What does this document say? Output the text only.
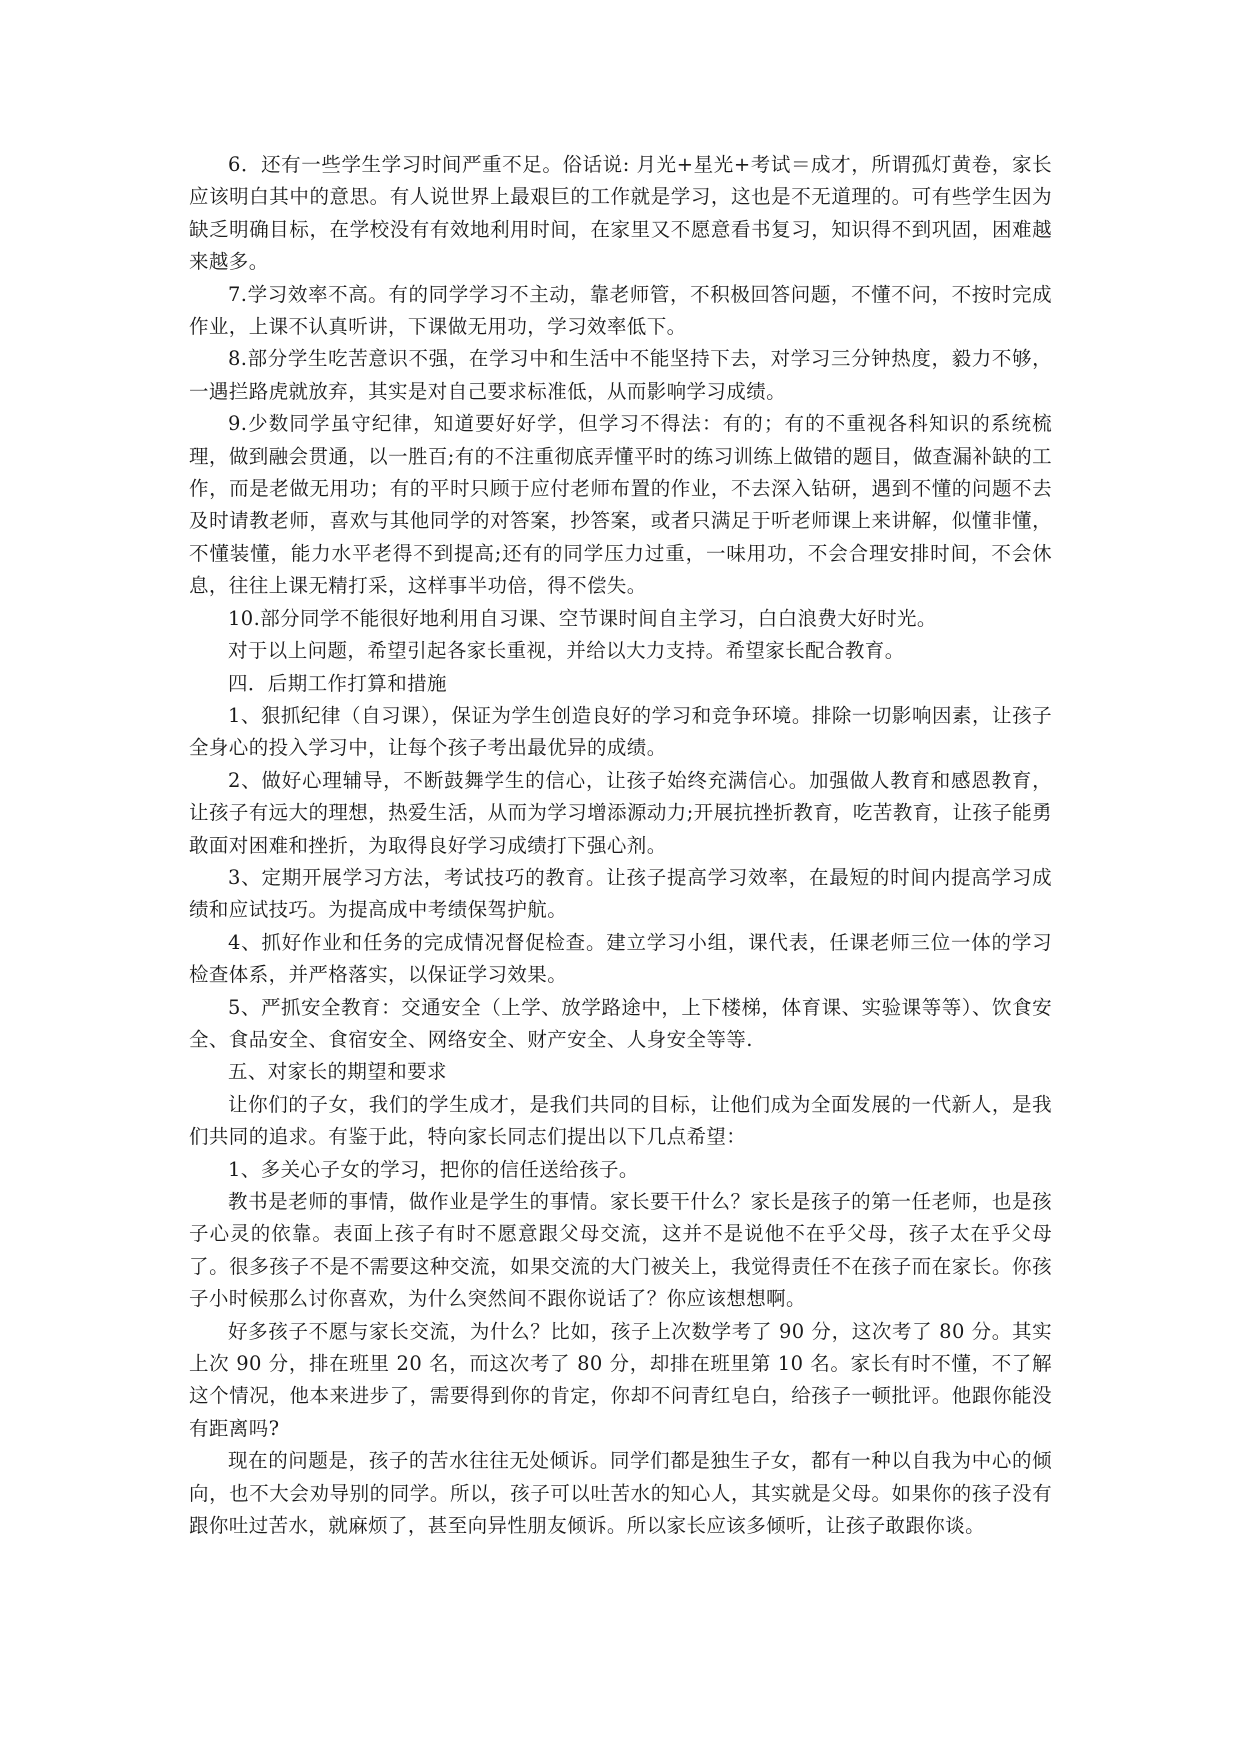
6．还有一些学生学习时间严重不足。俗话说: 月光+星光+考试＝成才，所谓孤灯黄卷，家长应该明白其中的意思。有人说世界上最艰巨的工作就是学习，这也是不无道理的。可有些学生因为缺乏明确目标，在学校没有有效地利用时间，在家里又不愿意看书复习，知识得不到巩固，困难越来越多。

7.学习效率不高。有的同学学习不主动，靠老师管，不积极回答问题，不懂不问，不按时完成作业，上课不认真听讲，下课做无用功，学习效率低下。

8.部分学生吃苦意识不强，在学习中和生活中不能坚持下去，对学习三分钟热度，毅力不够，一遇拦路虎就放弃，其实是对自己要求标准低，从而影响学习成绩。

9.少数同学虽守纪律，知道要好好学，但学习不得法：有的；有的不重视各科知识的系统梳理，做到融会贯通，以一胜百;有的不注重彻底弄懂平时的练习训练上做错的题目，做查漏补缺的工作，而是老做无用功；有的平时只顾于应付老师布置的作业，不去深入钻研，遇到不懂的问题不去及时请教老师，喜欢与其他同学的对答案，抄答案，或者只满足于听老师课上来讲解，似懂非懂，不懂装懂，能力水平老得不到提高;还有的同学压力过重，一味用功，不会合理安排时间，不会休息，往往上课无精打采，这样事半功倍，得不偿失。

10.部分同学不能很好地利用自习课、空节课时间自主学习，白白浪费大好时光。

对于以上问题，希望引起各家长重视，并给以大力支持。希望家长配合教育。

四．后期工作打算和措施

1、狠抓纪律（自习课），保证为学生创造良好的学习和竞争环境。排除一切影响因素，让孩子全身心的投入学习中，让每个孩子考出最优异的成绩。

2、做好心理辅导，不断鼓舞学生的信心，让孩子始终充满信心。加强做人教育和感恩教育，让孩子有远大的理想，热爱生活，从而为学习增添源动力;开展抗挫折教育，吃苦教育，让孩子能勇敢面对困难和挫折，为取得良好学习成绩打下强心剂。

3、定期开展学习方法，考试技巧的教育。让孩子提高学习效率，在最短的时间内提高学习成绩和应试技巧。为提高成中考绩保驾护航。

4、抓好作业和任务的完成情况督促检查。建立学习小组，课代表，任课老师三位一体的学习检查体系，并严格落实，以保证学习效果。

5、严抓安全教育：交通安全（上学、放学路途中，上下楼梯，体育课、实验课等等）、饮食安全、食品安全、食宿安全、网络安全、财产安全、人身安全等等.

五、对家长的期望和要求

让你们的子女，我们的学生成才，是我们共同的目标，让他们成为全面发展的一代新人，是我们共同的追求。有鉴于此，特向家长同志们提出以下几点希望：

1、多关心子女的学习，把你的信任送给孩子。

教书是老师的事情，做作业是学生的事情。家长要干什么？家长是孩子的第一任老师，也是孩子心灵的依靠。表面上孩子有时不愿意跟父母交流，这并不是说他不在乎父母，孩子太在乎父母了。很多孩子不是不需要这种交流，如果交流的大门被关上，我觉得责任不在孩子而在家长。你孩子小时候那么讨你喜欢，为什么突然间不跟你说话了？你应该想想啊。

好多孩子不愿与家长交流，为什么？比如，孩子上次数学考了 90 分，这次考了 80 分。其实上次 90 分，排在班里 20 名，而这次考了 80 分，却排在班里第 10 名。家长有时不懂，不了解这个情况，他本来进步了，需要得到你的肯定，你却不问青红皂白，给孩子一顿批评。他跟你能没有距离吗?

现在的问题是，孩子的苦水往往无处倾诉。同学们都是独生子女，都有一种以自我为中心的倾向，也不大会劝导别的同学。所以，孩子可以吐苦水的知心人，其实就是父母。如果你的孩子没有跟你吐过苦水，就麻烦了，甚至向异性朋友倾诉。所以家长应该多倾听，让孩子敢跟你谈。
